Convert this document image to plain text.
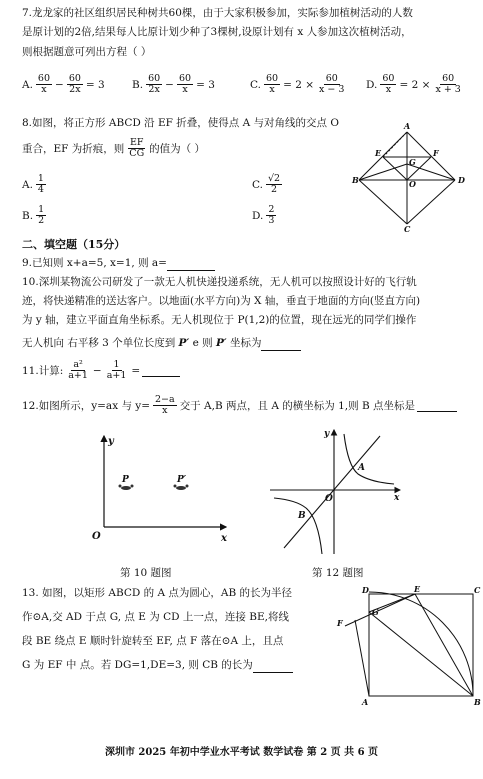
7.龙龙家的社区组织居民种树共60棵，由于大家积极参加，实际参加植树活动的人数
是原计划的2倍,结果每人比原计划少种了3棵树,设原计划有 x 人参加这次植树活动，
则根据题意可列出方程（ ）
A. $\frac{60}{x} - \frac{60}{2x} = 3$	B. $\frac{60}{2x} - \frac{60}{x} = 3$	C. $\frac{60}{x} = 2 \times \frac{60}{x - 3} D$. $\frac{60}{x} = 2 \times \frac{60}{x + 3}$
8.如图，将正方形 ABCD 沿 EF 折叠，使得点 A 与对角线的交点 O
重合，EF 为折痕，则 $\frac{EF}{CG}$ 的值为（ ）
A. $\frac{1}{4}$	C. $\frac{√2}{2}$
B. $\frac{1}{2}$	D. $\frac{2}{3}$
A
B
C
D
E	F
G
O
二、填空题（15分）
9.已知则 x+a=5, x=1, 则 a=
10.深圳某物流公司研发了一款无人机快递投递系统，无人机可以按照设计好的飞行轨
迹，将快递精准的送达客户。以地面(水平方向)为 X 轴，垂直于地面的方向(竖直方向)
为 y 轴，建立平面直角坐标系。无人机现位于 P(1,2)的位置，现在远光的同学们操作
无人机向 右平移 3 个单位长度到 P′ e 则 P′ 坐标为
11.计算: $\frac{\text{a²}}{a+1} - \frac{1}{a+1}$ =

12.如图所示，y=ax 与 $y= \frac{2-a}{x}$ 交于 A,B 两点，且 A 的横坐标为 1,则 B 点坐标是

y
x
O
P	P′
第 10 题图
y
x
O
A
B
第 12 题图
13. 如图，以矩形 ABCD 的 A 点为圆心，AB 的长为半径
作⊙A,交 AD 于点 G, 点 E 为 CD 上一点，连接 BE,将线
段 BE 绕点 E 顺时针旋转至 EF, 点 F 落在⊙A 上，且点
G 为 EF 中 点。若 DG=1,DE=3, 则 CB 的长为
D	E	C
G
F
A	B
深圳市 2025 年初中学业水平考试 数学试卷 第 2 页 共 6 页
